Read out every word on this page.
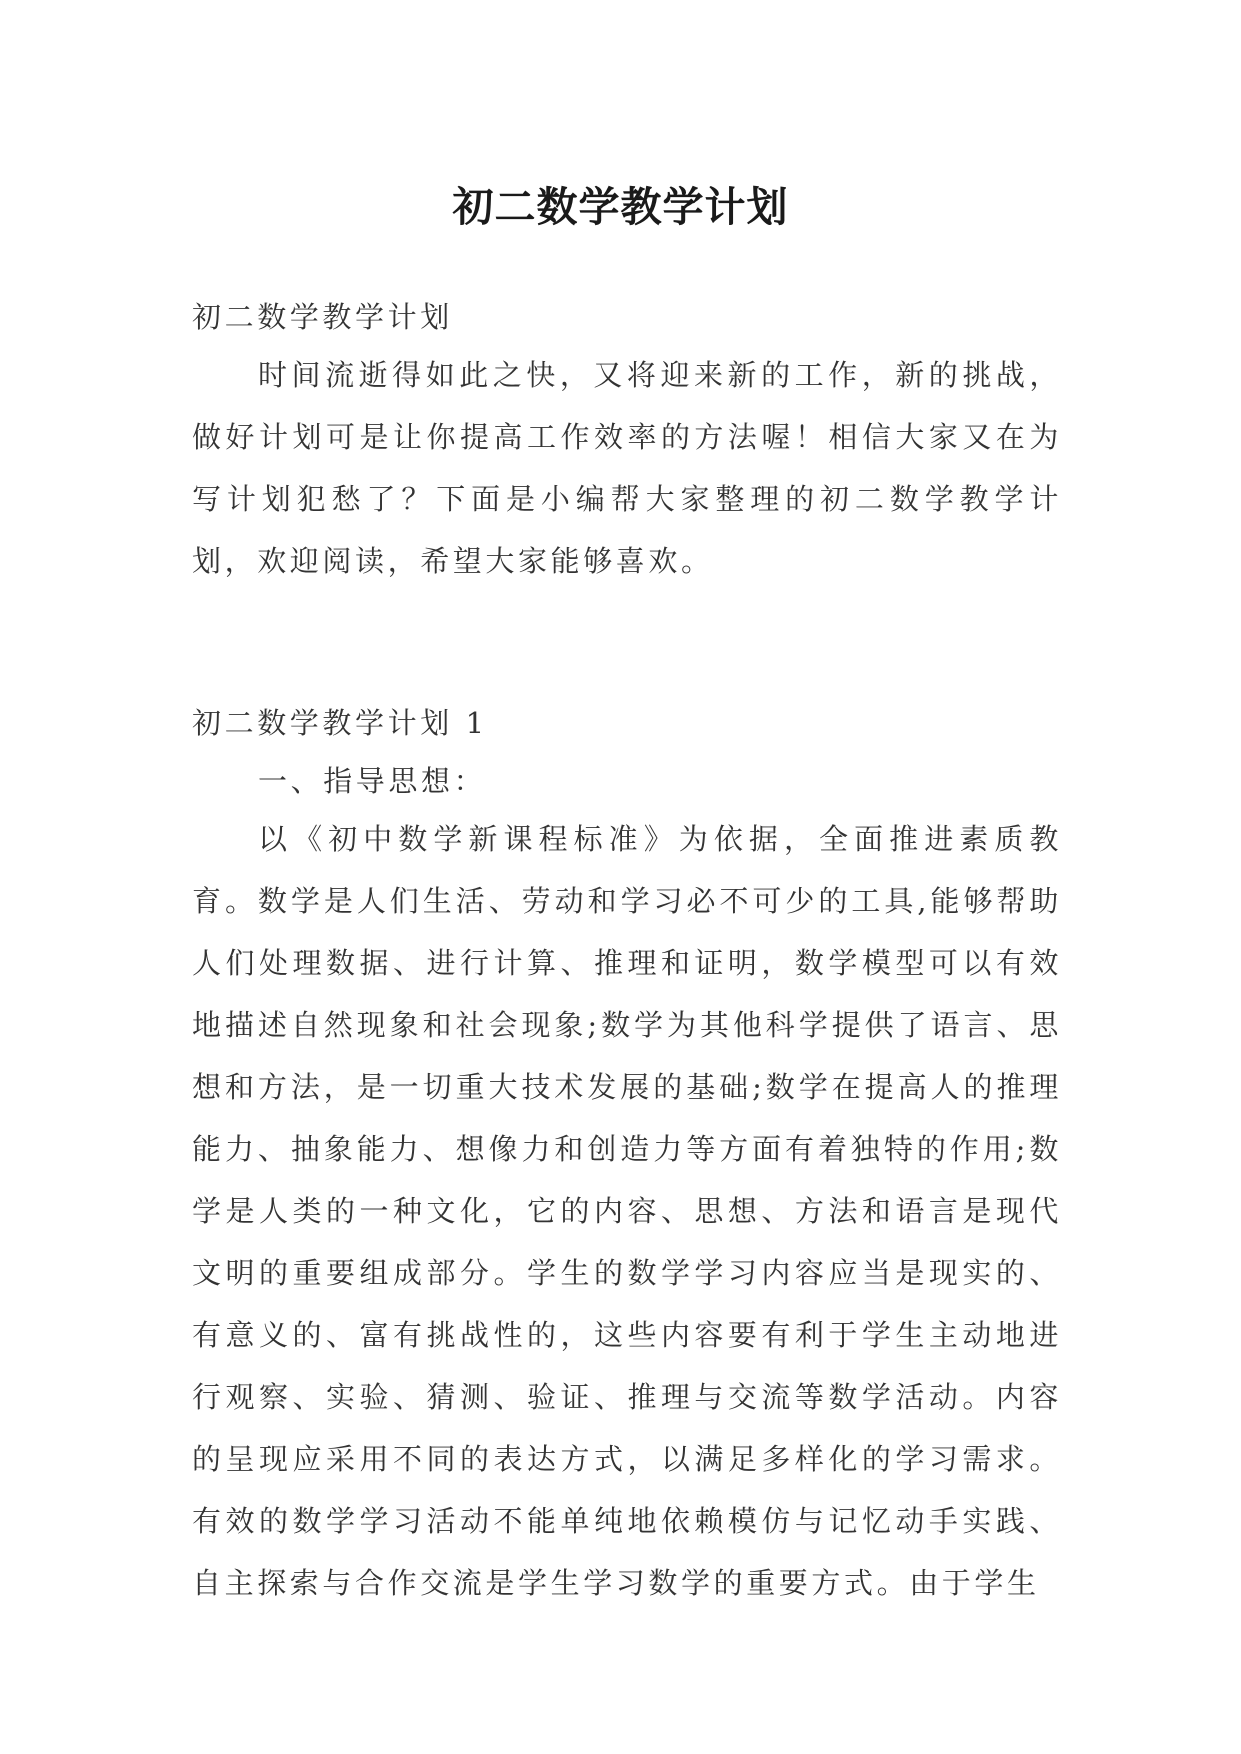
初二数学教学计划
初二数学教学计划

时间流逝得如此之快，又将迎来新的工作，新的挑战，做好计划可是让你提高工作效率的方法喔！相信大家又在为写计划犯愁了？下面是小编帮大家整理的初二数学教学计划，欢迎阅读，希望大家能够喜欢。

初二数学教学计划 1
一、指导思想：

以《初中数学新课程标准》为依据，全面推进素质教育。数学是人们生活、劳动和学习必不可少的工具,能够帮助人们处理数据、进行计算、推理和证明，数学模型可以有效地描述自然现象和社会现象;数学为其他科学提供了语言、思想和方法，是一切重大技术发展的基础;数学在提高人的推理能力、抽象能力、想像力和创造力等方面有着独特的作用;数学是人类的一种文化，它的内容、思想、方法和语言是现代文明的重要组成部分。学生的数学学习内容应当是现实的、有意义的、富有挑战性的，这些内容要有利于学生主动地进行观察、实验、猜测、验证、推理与交流等数学活动。内容的呈现应采用不同的表达方式，以满足多样化的学习需求。有效的数学学习活动不能单纯地依赖模仿与记忆动手实践、自主探索与合作交流是学生学习数学的重要方式。由于学生
